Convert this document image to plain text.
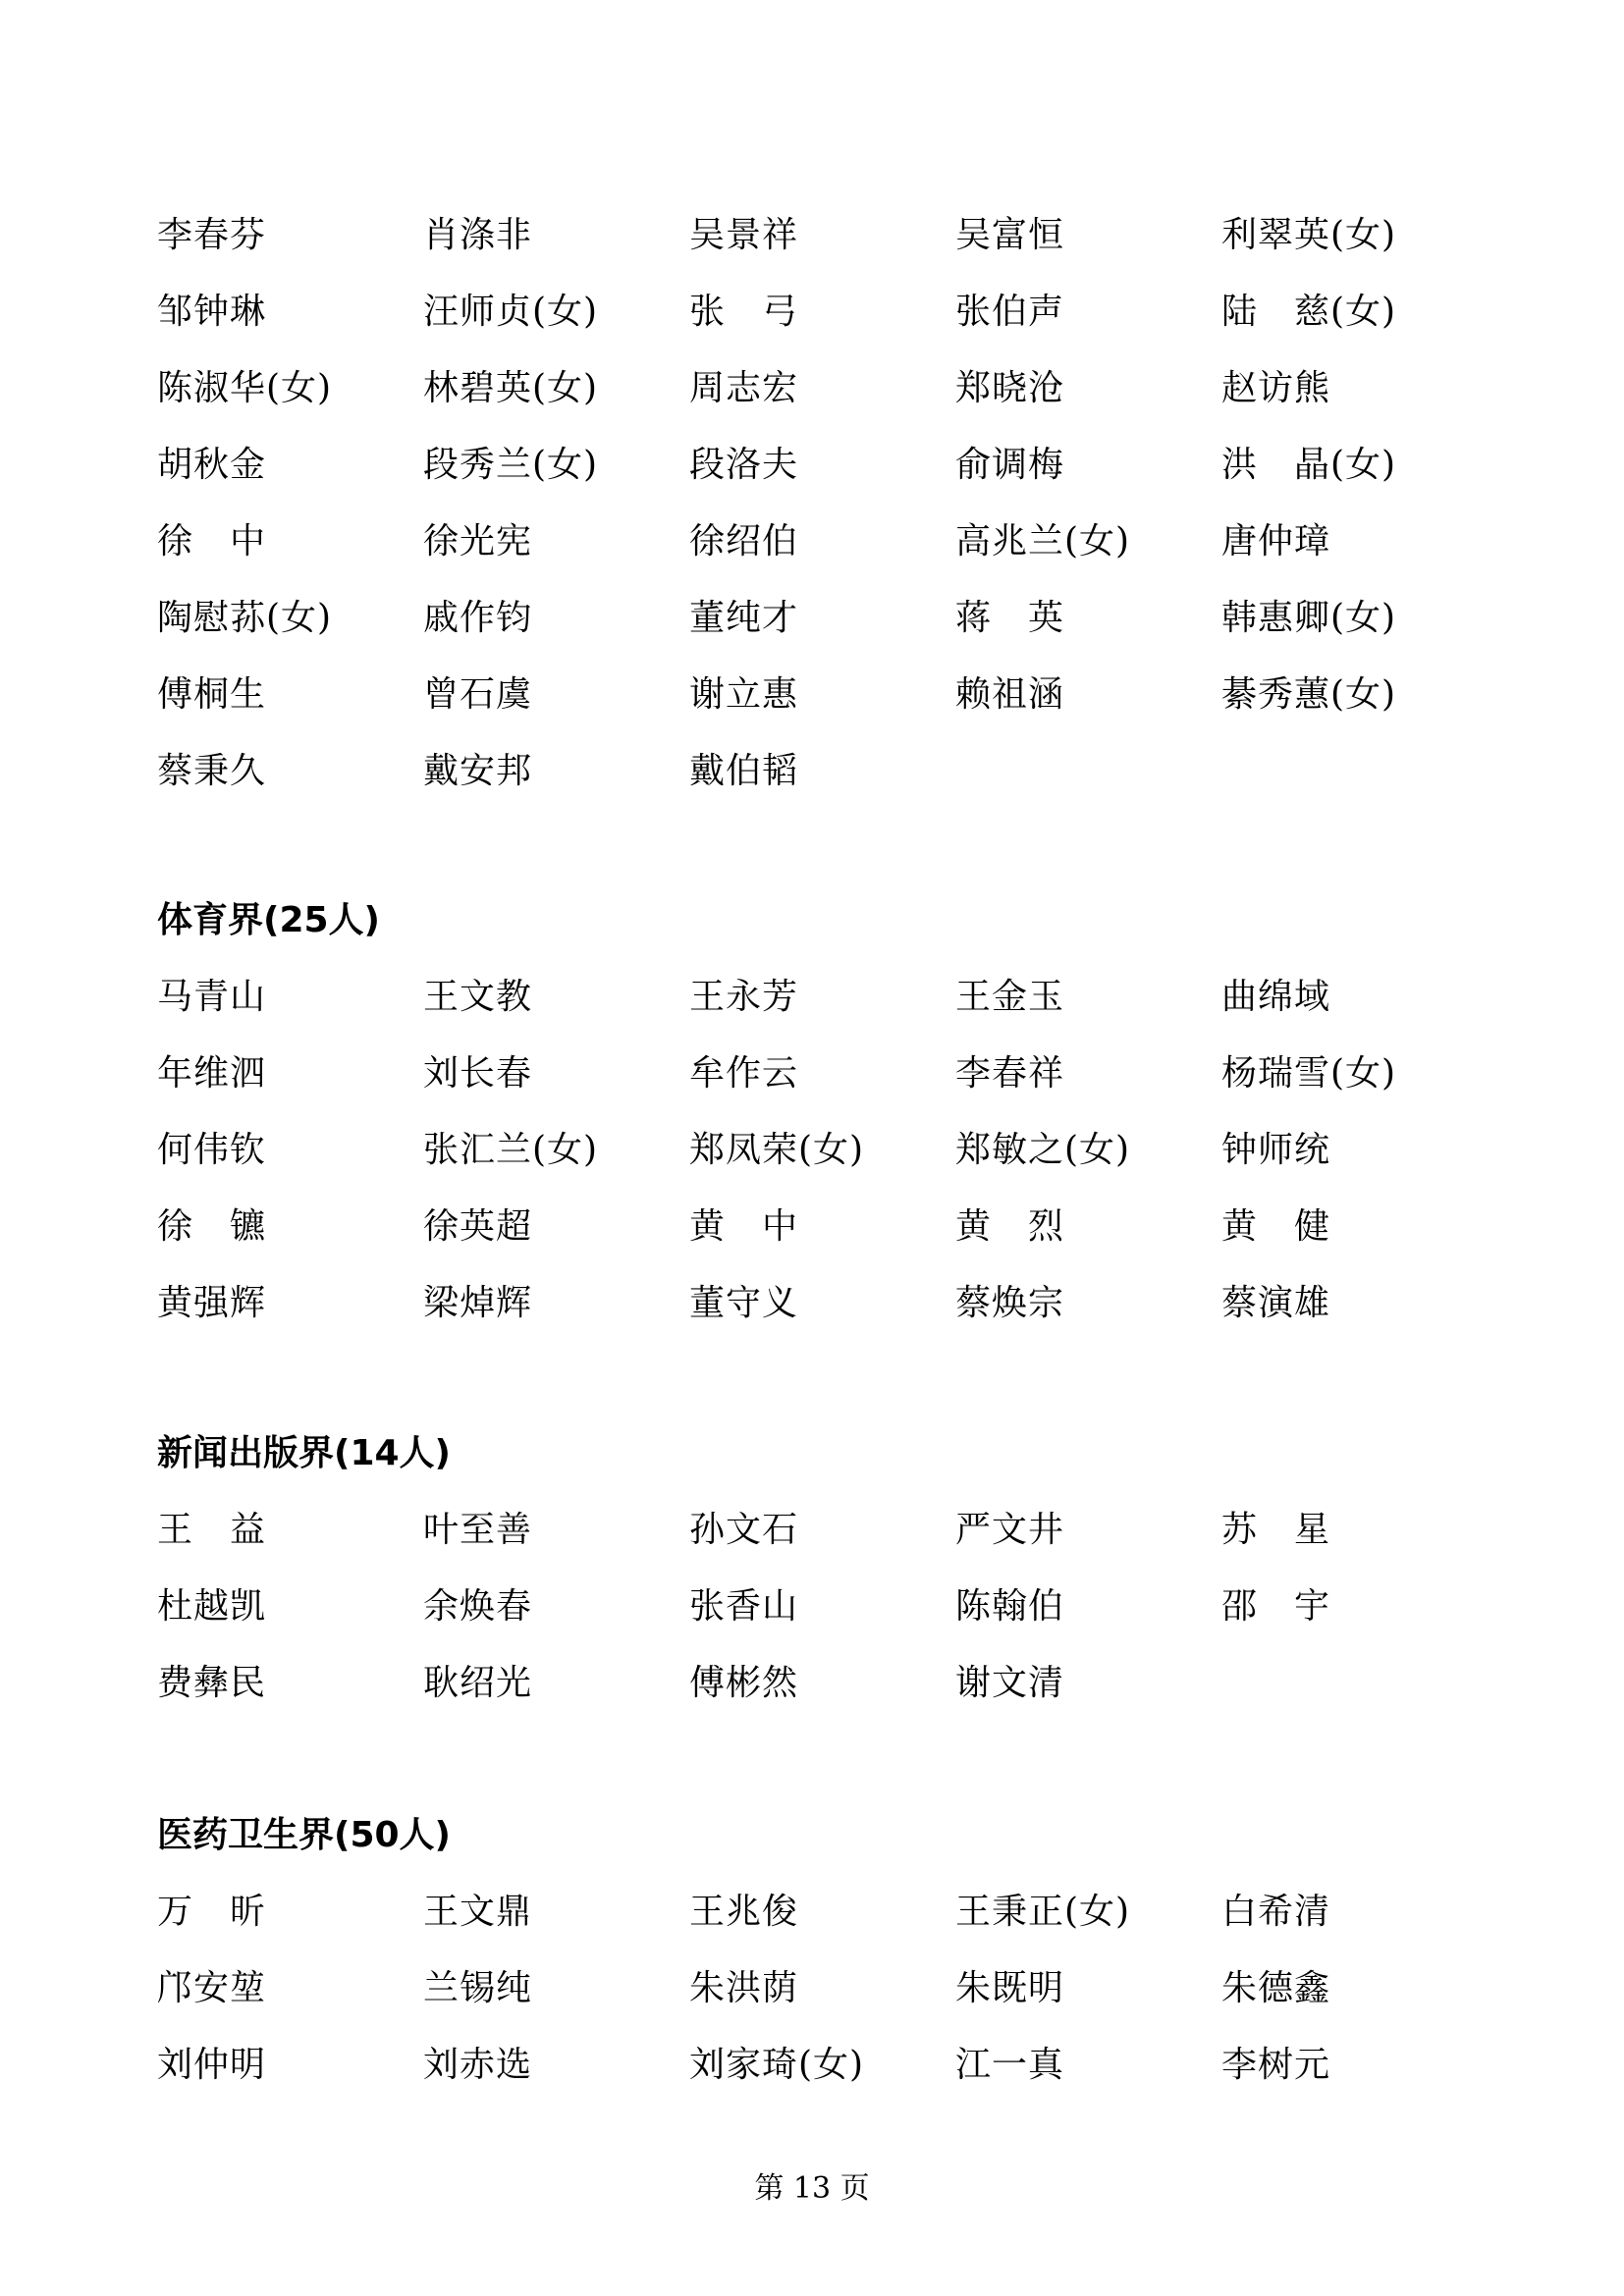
李春芬	肖涤非	吴景祥	吴富恒	利翠英(女)
邹钟琳	汪师贞(女)	张　弓	张伯声	陆　慈(女)
陈淑华(女)	林碧英(女)	周志宏	郑晓沧	赵访熊
胡秋金	段秀兰(女)	段洛夫	俞调梅	洪　晶(女)
徐　中	徐光宪	徐绍伯	高兆兰(女)	唐仲璋
陶慰荪(女)	戚作钧	董纯才	蒋　英	韩惠卿(女)
傅桐生	曾石虞	谢立惠	赖祖涵	綦秀蕙(女)
蔡秉久	戴安邦	戴伯韬
体育界(25人)
马青山	王文教	王永芳	王金玉	曲绵域
年维泗	刘长春	牟作云	李春祥	杨瑞雪(女)
何伟钦	张汇兰(女)	郑凤荣(女)	郑敏之(女)	钟师统
徐　镳	徐英超	黄　中	黄　烈	黄　健
黄强辉	梁焯辉	董守义	蔡焕宗	蔡演雄
新闻出版界(14人)
王　益	叶至善	孙文石	严文井	苏　星
杜越凯	余焕春	张香山	陈翰伯	邵　宇
费彝民	耿绍光	傅彬然	谢文清
医药卫生界(50人)
万　昕	王文鼎	王兆俊	王秉正(女)	白希清
邝安堃	兰锡纯	朱洪荫	朱既明	朱德鑫
刘仲明	刘赤选	刘家琦(女)	江一真	李树元
第 13 页
